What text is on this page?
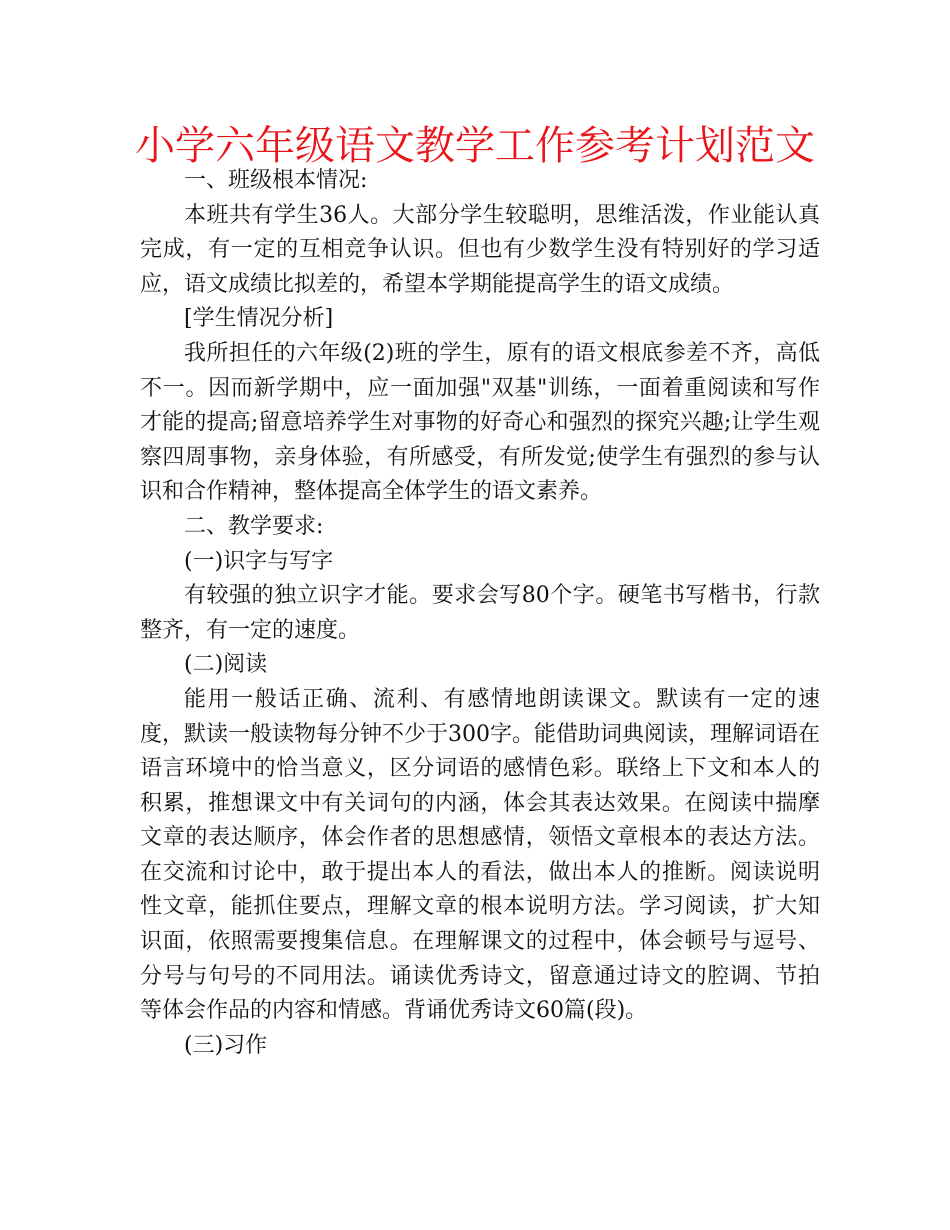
小学六年级语文教学工作参考计划范文

一、班级根本情况:

本班共有学生36人。大部分学生较聪明，思维活泼，作业能认真完成，有一定的互相竞争认识。但也有少数学生没有特别好的学习适应，语文成绩比拟差的，希望本学期能提高学生的语文成绩。

[学生情况分析]

我所担任的六年级(2)班的学生，原有的语文根底参差不齐，高低不一。因而新学期中，应一面加强"双基"训练，一面着重阅读和写作才能的提高;留意培养学生对事物的好奇心和强烈的探究兴趣;让学生观察四周事物，亲身体验，有所感受，有所发觉;使学生有强烈的参与认识和合作精神，整体提高全体学生的语文素养。

二、教学要求:

(一)识字与写字

有较强的独立识字才能。要求会写80个字。硬笔书写楷书，行款整齐，有一定的速度。

(二)阅读

能用一般话正确、流利、有感情地朗读课文。默读有一定的速度，默读一般读物每分钟不少于300字。能借助词典阅读，理解词语在语言环境中的恰当意义，区分词语的感情色彩。联络上下文和本人的积累，推想课文中有关词句的内涵，体会其表达效果。在阅读中揣摩文章的表达顺序，体会作者的思想感情，领悟文章根本的表达方法。在交流和讨论中，敢于提出本人的看法，做出本人的推断。阅读说明性文章，能抓住要点，理解文章的根本说明方法。学习阅读，扩大知识面，依照需要搜集信息。在理解课文的过程中，体会顿号与逗号、分号与句号的不同用法。诵读优秀诗文，留意通过诗文的腔调、节拍等体会作品的内容和情感。背诵优秀诗文60篇(段)。

(三)习作
